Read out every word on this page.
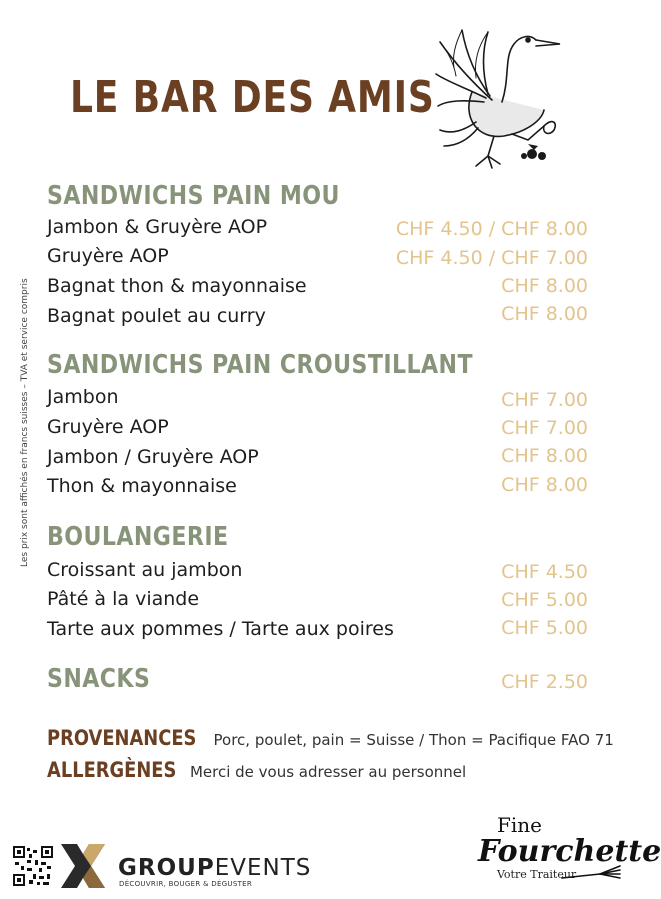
LE BAR DES AMIS
Les prix sont affichés en francs suisses – TVA et service compris
SANDWICHS PAIN MOU
Jambon & Gruyère AOP	CHF 4.50 / CHF 8.00
Gruyère AOP	CHF 4.50 / CHF 7.00
Bagnat thon & mayonnaise	CHF 8.00
Bagnat poulet au curry	CHF 8.00
SANDWICHS PAIN CROUSTILLANT
Jambon	CHF 7.00
Gruyère AOP	CHF 7.00
Jambon / Gruyère AOP	CHF 8.00
Thon & mayonnaise	CHF 8.00
BOULANGERIE
Croissant au jambon	CHF 4.50
Pâté à la viande	CHF 5.00
Tarte aux pommes / Tarte aux poires	CHF 5.00
SNACKS	CHF 2.50
PROVENANCES Porc, poulet, pain = Suisse / Thon = Pacifique FAO 71
ALLERGÈNES Merci de vous adresser au personnel
GROUPEVENTS
DÉCOUVRIR, BOUGER & DÉGUSTER
Fine
Fourchette
Votre Traiteur
